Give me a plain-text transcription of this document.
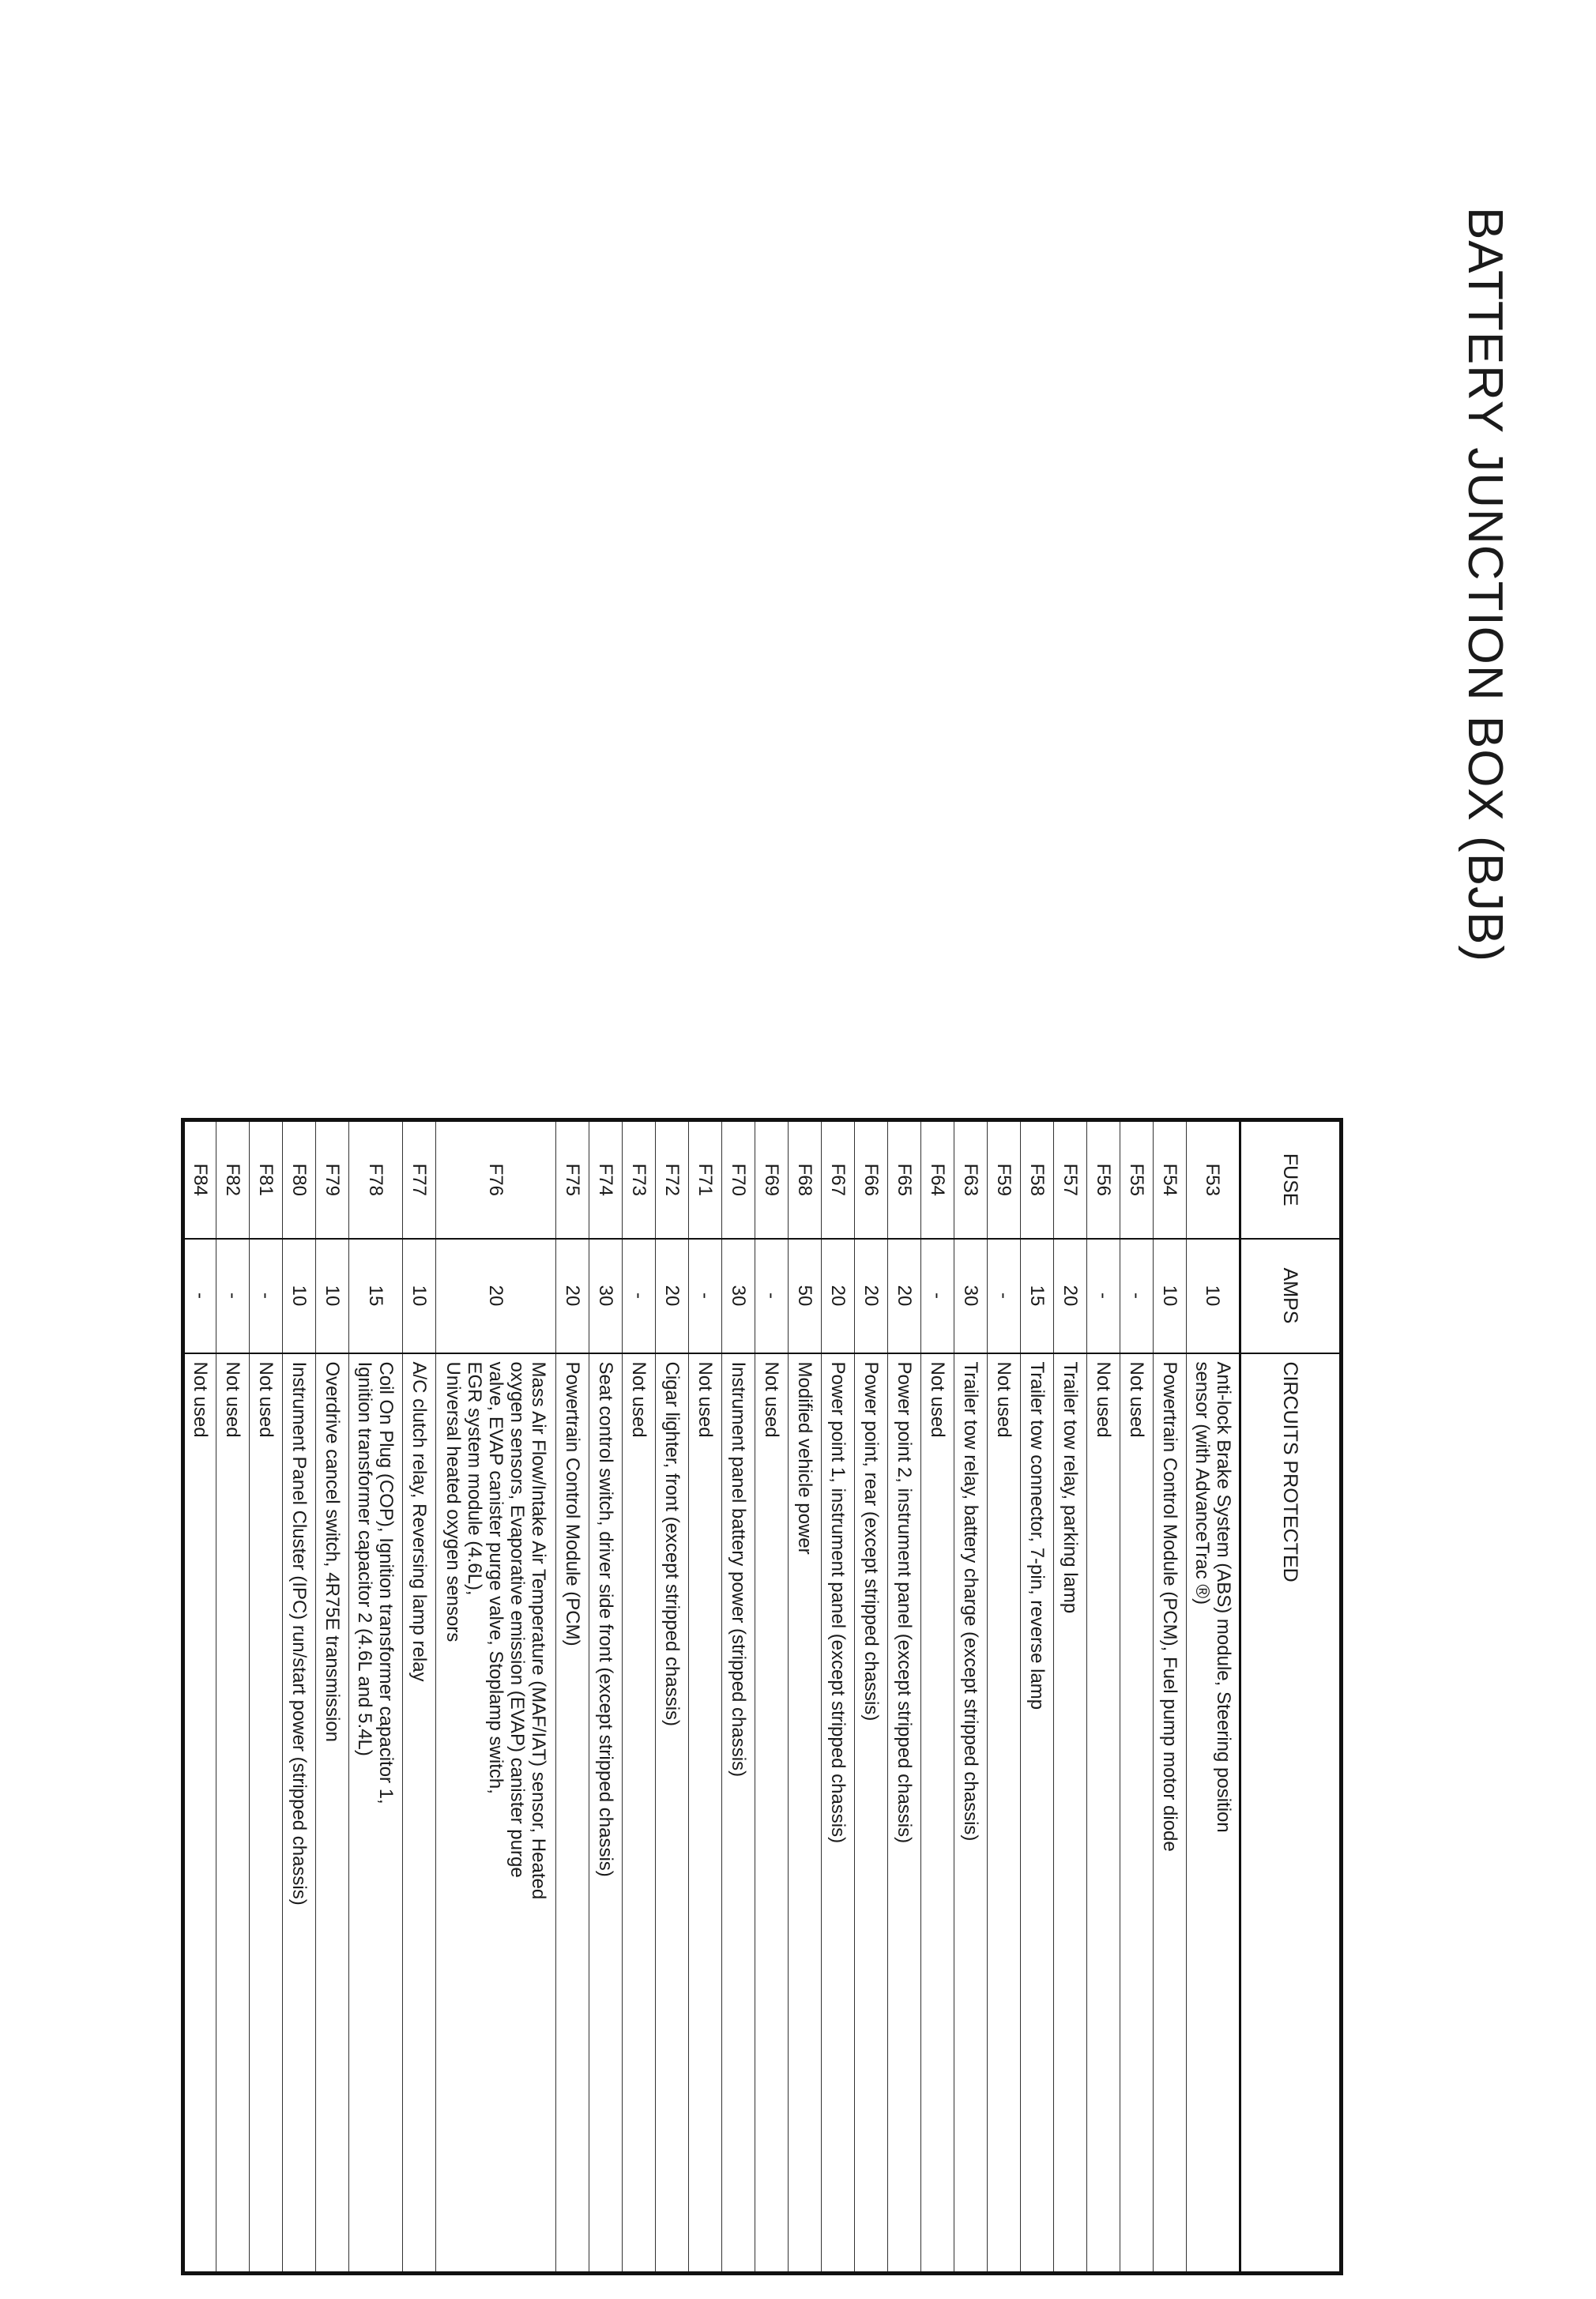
BATTERY JUNCTION BOX (BJB)

FUSE	AMPS	CIRCUITS PROTECTED
F53	10	Anti-lock Brake System (ABS) module, Steering position
sensor (with AdvanceTrac ®)

F54	10	Powertrain Control Module (PCM), Fuel pump motor diode

F55	-	Not used

F56	-	Not used

F57	20	Trailer tow relay, parking lamp

F58	15	Trailer tow connector, 7-pin, reverse lamp

F59	-	Not used

F63	30	Trailer tow relay, battery charge (except stripped chassis)

F64	-	Not used

F65	20	Power point 2, instrument panel (except stripped chassis)

F66	20	Power point, rear (except stripped chassis)

F67	20	Power point 1, instrument panel (except stripped chassis)

F68	50	Modified vehicle power

F69	-	Not used

F70	30	Instrument panel battery power (stripped chassis)

F71	-	Not used

F72	20	Cigar lighter, front (except stripped chassis)

F73	-	Not used

F74	30	Seat control switch, driver side front (except stripped chassis)

F75	20	Powertrain Control Module (PCM)

F76	20	Mass Air Flow/Intake Air Temperature (MAF/IAT) sensor, Heated
oxygen sensors, Evaporative emission (EVAP) canister purge
valve, EVAP canister purge valve, Stoplamp switch,
EGR system module (4.6L),
Universal heated oxygen sensors

F77	10	A/C clutch relay, Reversing lamp relay

F78	15	Coil On Plug (COP), Ignition transformer capacitor 1,
Ignition transformer capacitor 2 (4.6L and 5.4L)

F79	10	Overdrive cancel switch, 4R75E transmission

F80	10	Instrument Panel Cluster (IPC) run/start power (stripped chassis)

F81	-	Not used

F82	-	Not used

F84	-	Not used
